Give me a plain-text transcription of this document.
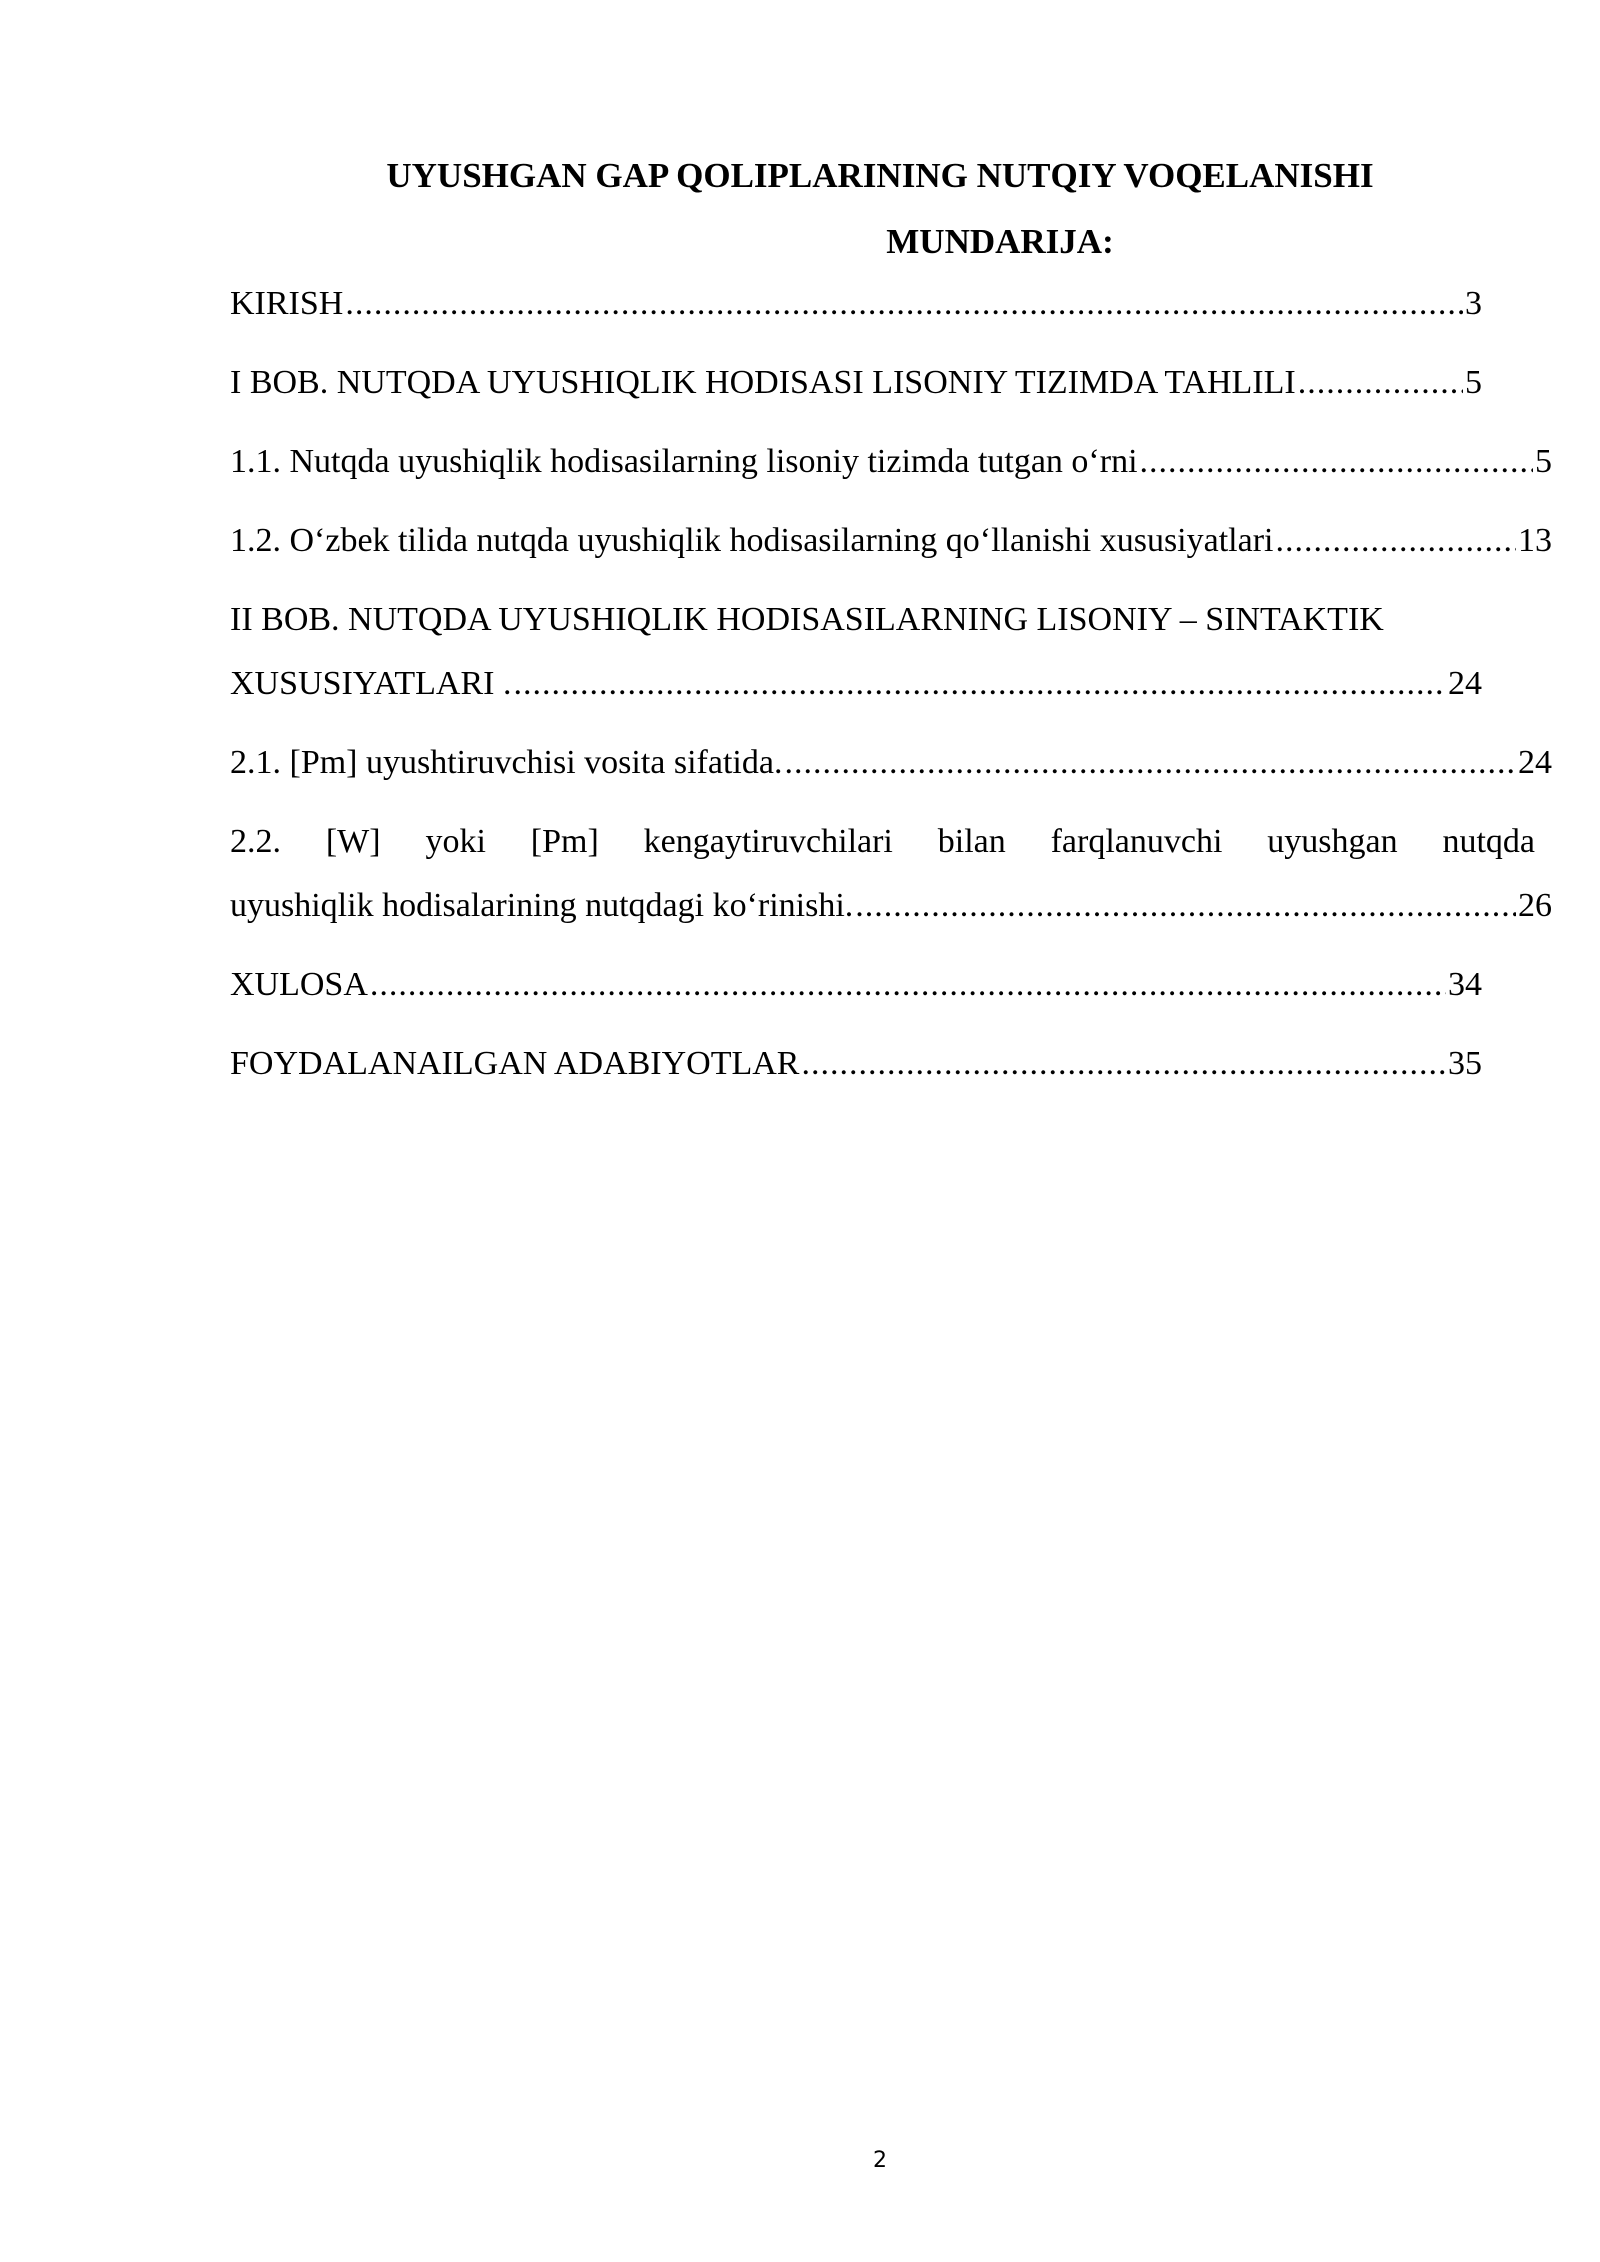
UYUSHGAN GAP QOLIPLARINING NUTQIY VOQELANISHI
MUNDARIJA:
KIRISH .....	3
I BOB. NUTQDA UYUSHIQLIK HODISASI LISONIY TIZIMDA TAHLILI .....	5
1.1. Nutqda uyushiqlik hodisasilarning lisoniy tizimda tutgan o‘rni .....	5
1.2. O‘zbek tilida nutqda uyushiqlik hodisasilarning qo‘llanishi xususiyatlari .....	13
II BOB. NUTQDA UYUSHIQLIK HODISASILARNING LISONIY – SINTAKTIK
XUSUSIYATLARI . .....	24
2.1. [Pm] uyushtiruvchisi vosita sifatida. .....	24
2.2. [W] yoki [Pm] kengaytiruvchilari bilan farqlanuvchi uyushgan nutqda
uyushiqlik hodisalarining nutqdagi ko‘rinishi. .....	26
XULOSA .....	34
FOYDALANAILGAN ADABIYOTLAR .....	35
2
